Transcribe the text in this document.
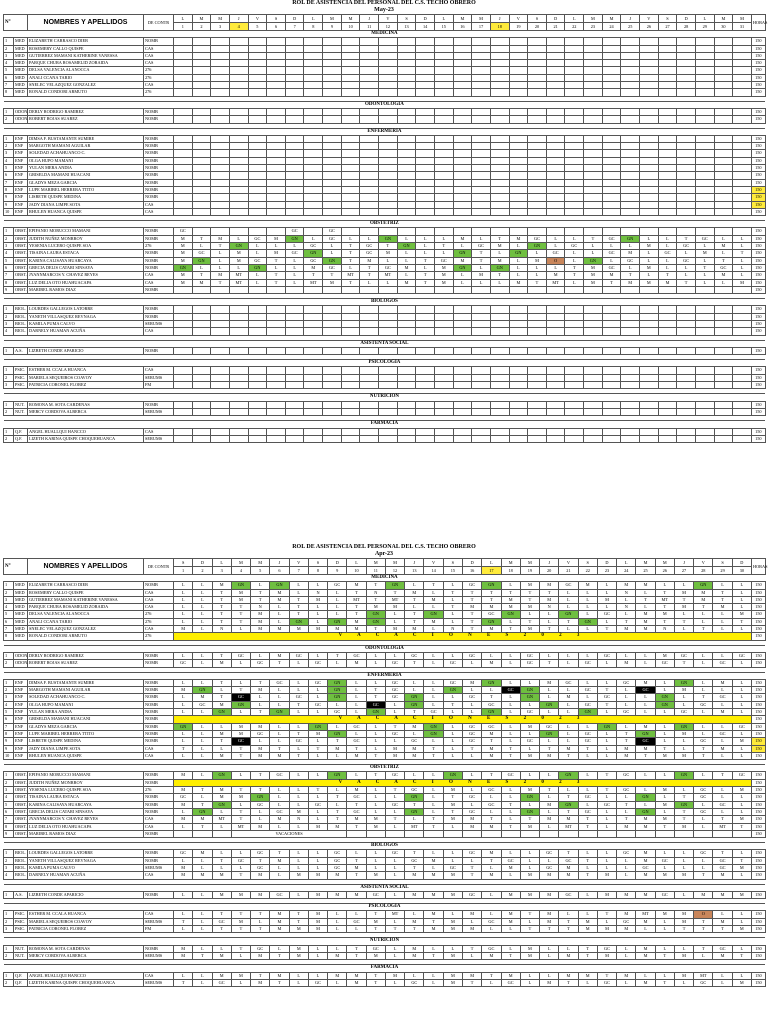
ROL DE ASISTENCIA DEL PERSONAL DEL C.S. TECHO OBRERO
May-23
N°		NOMBRES Y APELLIDOS	DE CONTR	L	M	M	J	V	S	D	L	M	M	J	V	S	D	L	M	M	J	V	S	D	L	M	M	J	V	S	D	L	M	M	HORAS
				1	2	3	4	5	6	7	8	9	10	11	12	13	14	15	16	17	18	19	20	21	22	23	24	25	26	27	28	29	30	31	
MEDICINA																																			
1	MED	ELIZABETH CARRASCO DIER	NOMB																																150
2	MED	ROSEMERY CALLO QUISPE	CAS																																150
3	MED	GUTIERREZ MAMANI KATHERINE VANESSA	CAS																																150
4	MED	PARQUE CHURA ROSAMELID ZORAIDA	CAS																																150
5	MED	DELSA VALENCIA ALANOCCA	276																																150
6	MED	ANALI CCANA TARIO	276																																150
7	MED	SNELEC VELAZQUEZ GONZALEZ	CAS																																150
8	MED	RONALD CONDORI ARMUTO	276																																150

ODONTOLOGIA																																			
1	ODON.	DERLY RODRIGO RAMIREZ	NOMB																																150
2	ODON.	ROBERT ROJAS SUAREZ	NOMB																																150

ENFERMERIA																																			
1	ENF	DIMSA F. BUSTAMANTE SUMIRE	NOMB																																150
2	ENF	MARGOTH MAMANI AGUILAR	NOMB																																150
3	ENF	SOLEDAD ACHAHUANCO C.	NOMB																																150
4	ENF	OLGA HUPO MAMANI	NOMB																																150
5	ENF	YULAN MERA ANDIA	NOMB																																150
6	ENF	GRISELDA MAMANI HUACANI	NOMB																																150
7	ENF	GLADYS MEZA GARCIA	NOMB																																150
8	ENF	LUPE MARIBEL HERRERA TTITO	NOMB																																150
9	ENF	LISBETH QUISPE MEDINA	NOMB																																150
9	ENF	JADY DIANA LIMPE SOTA	CAS																																150
10	ENF	RHULEN HUANCA QUISPE	CAS																																150

OBSTETRIZ																																			
1	OBST.	EPIFANIO MORUCCO MAMANI	NOMB	GC						GC		GC																							150
2	OBST.	JUDITH NUÑEZ MONRROY	NOMB	M	T	M	L	GC	M	GN	L	GC	L	L	GN	L	L	L	M	L	T	M	GC	L	L	T	GC	GN	L	L	T	GC	L	L	150
3	OBST.	YESENIA LUCERO QUISPE SOA	276	M	L	T	GN	L	L	L	GC	L	T	GC	T	GN	L	T	L	GC	M	L	GN	L	GC	L	L	L	M	L	GC	L	M	L	150
4	OBST.	TISAINA LAURA ESTACA	NOMB	M	GC	L	M	L	M	GC	GN	L	T	GC	M	L	L	L	GN	T	L	GN	L	GC	L	L	GC	M	L	GC	L	M	L	T	150
5	OBST.	KARINA CALISAYA HUARCAYA	NOMB	M	GN	L	M	GC	T	L	GC	GN	T	M	L	L	T	GC	M	T	M	L	M	O	L	GN	L	GC	L	L	GC	L	T	L	150
6	OBST.	GRECIA DELIS CATARI SINSAYA	NOMB	GN	L	L	L	GN	L	L	M	GC	L	T	GC	M	L	M	GN	L	GN	L	L	L	T	M	GC	L	M	L	L	T	GC	L	150
7	OBST.	JYANNMARCOS Y. CHAVEZ REYES	CAS	M	T	M	MT	L	T	L	T	T	MT	T	MT	L	T	M	L	M	T	L	L	M	T	M	M	T	L	T	L	L	M	L	150
8	OBST.	LUZ DELIA OTO HUAHUACAPA	CAS	M	M	T	MT	L	T	L	MT	M	T	L	L	M	T	M	L	L	L	M	T	MT	L	M	T	M	M	M	T	L	L	M	150
9	OBST.	MARIBEL RAMOS DIAZ	NOMB																																150

BIOLOGOS																																			
1	BIOL.	LOURDES GALLEGOS LATORRE	NOMB																																150
2	BIOL.	YANETH VILLASQUEZ REVNAGA	NOMB																																150
3	BIOL.	KAMILA PUMA CALVO	SERUMS																																150
4	BIOL.	DARNELY HUAMAN ACUÑA	CAS																																150

ASISTENTA SOCIAL																																			
1	A.S.	LIZBETH CONDE APARICIO	NOMB																																150

PSICOLOGIA																																			
1	PSIC.	ESTHER M. CCALA HUANCA	CAS																																150
2	PSIC.	MARIELA SEQUEIROS COAVOY	SERUMS																																150
3	PSIC.	PATRICIA CORONEL FLOREZ	FM																																150

NUTRICION																																			
1	NUT.	ROMONA M. SOTA CARDENAS	NOMB																																150
2	NUT.	MERCY CORDOVA ALBERCA	SERUMS																																150

FARMACIA																																			
1	Q.F.	ANGEL HUALLQUI HANCCO	CAS																																150
2	Q.F.	LIZETH KARINA QUISPE CHOQUEHUANCA	SERUMS																																150

ROL DE ASISTENCIA DEL PERSONAL DEL C.S. TECHO OBRERO
Apr-23
N°		NOMBRES Y APELLIDOS	DE CONTR	S	D	L	M	M	J	V	S	D	L	M	M	J	V	S	D	L	M	M	J	V	S	D	L	M	M	J	V	S	D	HORAS
				1	2	3	4	5	6	7	8	9	10	11	12	13	14	15	16	17	18	19	20	21	22	23	24	25	26	27	28	29	30	
MEDICINA																																		
1	MED	ELIZABETH CARRASCO DIER	NOMB	L	L	M	GN	L	GN	L	L	GC	M	T	GN	L	T	L	GC	GN	L	M	M	GC	M	L	M	M	L	L	GN	L	L	150
2	MED	ROSEMERY CALLO QUISPE	CAS	L	L	T	M	T	M	L	N	L	T	N	T	M	L	T	T	T	T	T	T	L	L	L	N	L	T	M	M	T	L	150
3	MED	GUTIERREZ MAMANI KATHERINE VANESSA	CAS	L	L	T	M	T	M	T	M	L	MT	T	MT	T	M	L	T	T	M	T	M	L	L	M	L	T	MT	T	M	T	L	150
4	MED	PARQUE CHURA ROSAMELID ZORAIDA	CAS	L	L	T	T	N	L	T	L	L	T	M	M	L	L	T	M	M	M	M	N	L	L	L	N	L	T	M	T	M	L	150
5	MED	DELSA VALENCIA ALANOCCA	276	L	L	T	T	M	L	T	L	L	T	GN	L	T	GN	L	T	GC	GN	L	L	GN	L	GC	L	M	M	L	L	L	M	150
6	MED	ANALI CCANA TARIO	276	L	L	T	T	M	L	GN	L	GN	M	GN	L	T	M	L	T	GN	L	T	L	T	GN	L	T	M	T	T	L	L	T	150
7	MED	SNELEC VELAZQUEZ GONZALEZ	CAS	M	L	N	L	M	M	M	M	M	M	T	M	M	L	N	T	M	T	M	T	L	L	T	M	M	N	L	T	L	L	150
8	MED	RONALD CONDORI ARMUTO	276	V A C A C I O N E S 2 0 2 3																														150

ODONTOLOGIA																																		
1	ODON.	DERLY RODRIGO RAMIREZ	NOMB	L	L	T	GC	L	M	GC	L	T	GC	L	L	GC	L	L	GC	L	L	GC	L	L	L	GC	L	L	M	GC	L	L	GC	150
2	ODON.	ROBERT ROJAS SUAREZ	NOMB	GC	L	M	L	GC	T	L	GC	L	M	L	GC	T	L	GC	L	M	L	GC	T	L	GC	L	M	L	GC	T	L	GC	L	150

ENFERMERIA																																		
1	ENF	DIMSA F. BUSTAMANTE SUMIRE	NOMB	L	L	T	L	T	GC	L	GC	GN	L	L	GC	L	L	GC	M	GN	L	L	M	GC	L	L	GC	M	L	GN	L	M	L	150
2	ENF	MARGOTH MAMANI AGUILAR	NOMB	M	GN	L	T	M	L	L	L	GN	L	T	GC	L	L	GN	L	L	GC	GN	L	L	GC	T	L	GC	L	M	L	L	L	150
3	ENF	SOLEDAD ACHAHUANCO C.	NOMB	L	M	T	GC	L	L	GC	L	GN	L	T	GC	GN	L	L	GC	T	L	GN	L	M	L	GC	L	L	GN	L	T	GC	L	150
4	ENF	OLGA HUPO MAMANI	NOMB	L	GC	M	GN	L	L	T	GC	L	L	GC	L	GN	L	T	L	GC	L	L	GN	L	GC	T	L	L	GN	L	GC	L	L	150
5	ENF	YULAN MERA ANDIA	NOMB	L	L	GN	L	T	GN	L	L	GC	L	GN	L	T	GC	L	L	GN	L	GC	L	L	GN	L	GC	L	L	GC	L	M	L	150
6	ENF	GRISELDA MAMANI HUACANI	NOMB	V A C A C I O N E S 2 0 2 3																														150
7	ENF	GLADYS MEZA GARCIA	NOMB	GN	L	L	M	M	L	L	GN	L	GC	L	T	M	GN	L	GC	GC	L	M	GC	L	L	GN	L	M	L	GN	L	L	GC	150
8	ENF	LUPE MARIBEL HERRERA TTITO	NOMB	L	L	M	M	GC	L	T	M	GN	L	L	GC	L	GN	L	GC	M	L	L	GN	L	GC	L	T	GN	L	M	L	GC	L	150
9	ENF	LISBETH QUISPE MEDINA	NOMB	L	L	T	GC	L	L	GC	L	T	GC	L	L	GC	L	L	GC	T	L	GC	L	L	GC	L	T	GC	L	L	GC	L	M	150
9	ENF	JADY DIANA LIMPE SOTA	CAS	T	L	L	T	M	T	L	T	M	T	L	M	M	T	L	T	M	T	L	T	M	T	L	M	M	T	L	T	M	L	150
10	ENF	RHULEN HUANCA QUISPE	CAS	L	L	M	T	M	M	T	L	L	M	T	M	M	T	L	L	M	T	M	M	T	L	L	M	T	M	M	T	L	L	150

OBSTETRIZ																																		
1	OBST.	EPIFANIO MORUCCO MAMANI	NOMB	M	L	GN	L	T	GC	L	L	GN	L	T	GC	L	L	GN	L	T	GC	L	L	GN	L	T	GC	L	L	GN	L	T	GC	150
2	OBST.	JUDITH NUÑEZ MONRROY	NOMB	V A C A C I O N E S 2 0 2 3																														150
3	OBST.	YESENIA LUCERO QUISPE SOA	276	M	T	M	T	T	L	L	T	L	M	L	T	GC	L	M	L	GC	L	M	T	L	L	T	GC	L	M	L	GC	L	M	150
4	OBST.	TISAINA LAURA ESTACA	NOMB	GC	L	M	M	GN	L	L	L	T	GC	L	L	GN	L	T	GC	L	L	GN	L	T	GC	L	L	GN	L	T	GC	L	L	150
5	OBST.	KARINA CALISAYA HUARCAYA	NOMB	M	T	GN	L	GC	L	L	GC	L	T	L	GC	T	L	M	L	GC	T	L	M	GN	L	GC	T	L	M	GN	L	GC	L	150
6	OBST.	GRECIA DELIS CATARI SINSAYA	NOMB	L	GN	L	T	L	GC	M	L	T	GC	L	L	GN	L	T	GC	L	L	GN	L	T	GC	L	L	GN	L	T	GC	L	L	150
7	OBST.	JYANNMARCOS Y. CHAVEZ REYES	CAS	M	M	MT	T	L	M	N	L	T	M	M	T	L	T	M	M	T	L	T	M	M	T	L	T	M	M	T	L	T	M	150
8	OBST.	LUZ DELIA OTO HUAHUACAPA	CAS	L	T	L	MT	M	L	L	M	M	T	M	L	MT	T	L	M	M	T	M	L	MT	T	L	M	M	T	M	L	MT	T	150
9	OBST.	MARIBEL RAMOS DIAZ	NOMB				VACACIONES																											150

BIOLOGOS																																		
1	BIOL.	LOURDES GALLEGOS LATORRE	NOMB	GC	M	L	L	GC	T	L	L	GC	L	L	GC	T	L	L	GC	M	L	L	GC	T	L	L	GC	M	L	L	GC	T	L	150
2	BIOL.	YANETH VILLASQUEZ REVNAGA	NOMB	L	L	T	GC	T	M	L	L	GC	T	L	L	GC	M	L	L	T	GC	L	L	GC	T	L	L	M	GC	L	L	GC	T	150
3	BIOL.	KAMILA PUMA CALVO	SERUMS	M	L	L	L	GC	L	L	L	GC	M	L	L	T	L	GC	T	L	M	L	GC	M	L	L	L	GC	L	L	L	GC	M	150
4	BIOL.	DARNELY HUAMAN ACUÑA	CAS	M	M	M	T	M	L	M	M	M	T	M	L	M	M	M	T	M	L	M	M	M	T	M	L	M	M	M	T	M	L	150

ASISTENTA SOCIAL																																		
1	A.S.	LIZBETH CONDE APARICIO	NOMB	L	L	M	M	M	GC	L	M	M	M	GC	L	M	M	M	GC	L	M	M	M	GC	L	M	M	M	GC	L	M	M	M	150

PSICOLOGIA																																		
1	PSIC.	ESTHER M. CCALA HUANCA	CAS	L	L	T	T	T	M	T	M	L	L	T	MT	L	M	L	M	L	M	T	M	L	L	T	M	MT	M	M	O	L	L	150
2	PSIC.	MARIELA SEQUEIROS COAVOY	SERUMS	T	L	GC	M	L	M	T	M	L	GC	M	L	M	T	M	L	GC	M	L	M	T	M	L	GC	M	L	M	T	M	L	150
3	PSIC.	PATRICIA CORONEL FLOREZ	FM	L	L	T	T	T	M	M	M	L	L	T	T	T	M	M	M	L	L	T	T	T	M	M	M	L	L	T	T	T	M	150

NUTRICION																																		
1	NUT.	ROMONA M. SOTA CARDENAS	NOMB	M	L	L	T	GC	L	M	L	L	T	GC	L	M	L	L	T	GC	L	M	L	L	T	GC	L	M	L	L	T	GC	L	150
2	NUT.	MERCY CORDOVA ALBERCA	SERUMS	M	T	M	L	M	T	M	L	M	T	M	L	M	T	M	L	M	T	M	L	M	T	M	L	M	T	M	L	M	T	150

FARMACIA																																		
1	Q.F.	ANGEL HUALLQUI HANCCO	CAS	L	L	M	M	T	M	L	L	M	M	T	M	L	L	M	M	T	M	L	L	M	M	T	M	L	L	M	MT	L	L	150
2	Q.F.	LIZETH KARINA QUISPE CHOQUEHUANCA	SERUMS	T	L	GC	L	M	T	L	GC	L	M	T	L	GC	L	M	T	L	GC	L	M	T	L	GC	L	M	T	L	GC	L	M	150
